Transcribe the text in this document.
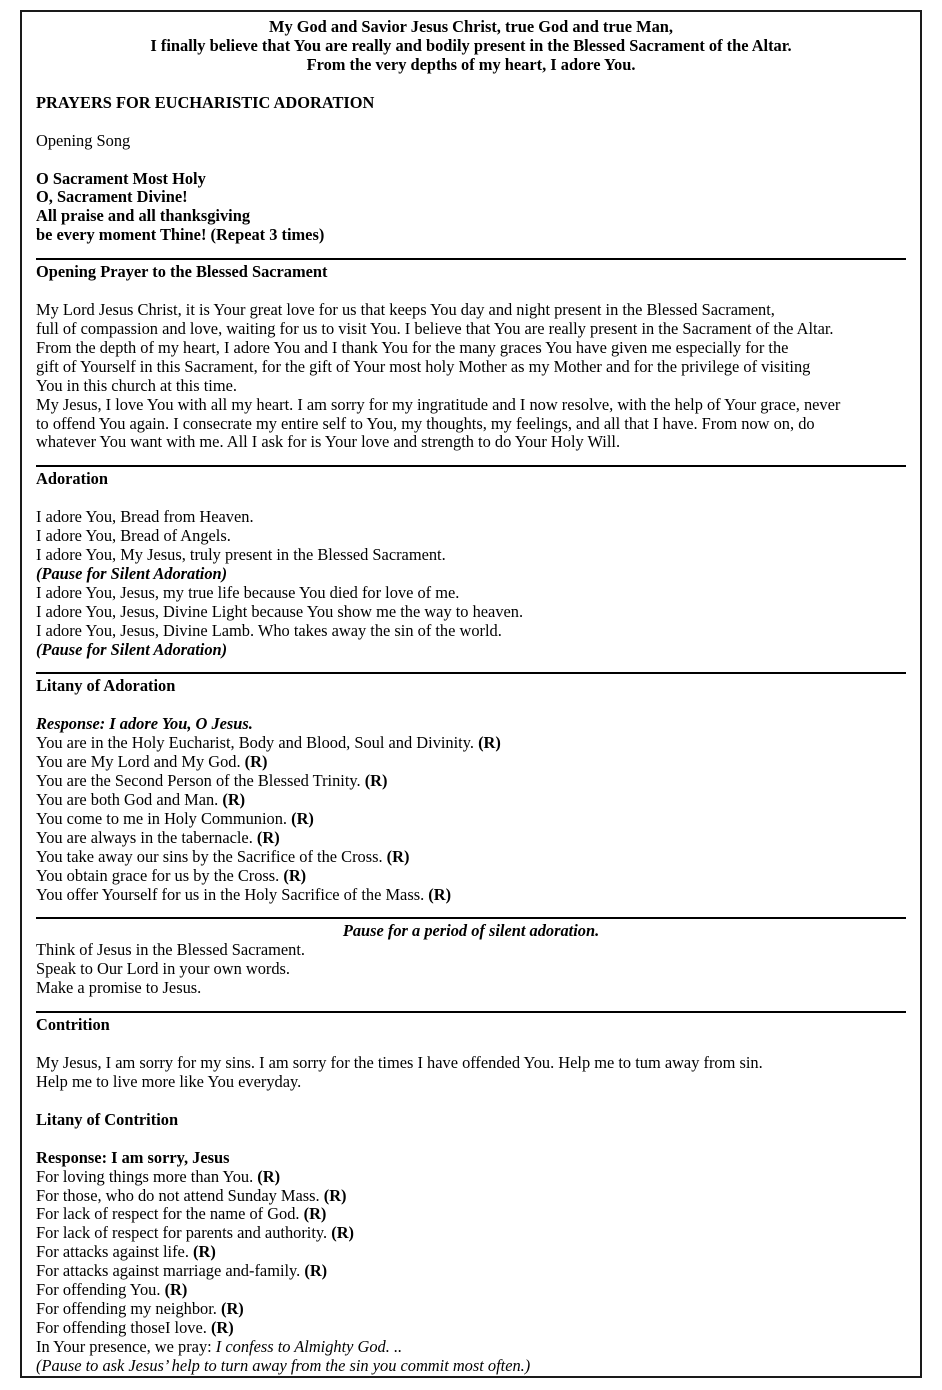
My God and Savior Jesus Christ, true God and true Man,
I finally believe that You are really and bodily present in the Blessed Sacrament of the Altar.
From the very depths of my heart, I adore You.
PRAYERS FOR EUCHARISTIC ADORATION
Opening Song
O Sacrament Most Holy
O, Sacrament Divine!
All praise and all thanksgiving
be every moment Thine! (Repeat 3 times)
Opening Prayer to the Blessed Sacrament
My Lord Jesus Christ, it is Your great love for us that keeps You day and night present in the Blessed Sacrament,
full of compassion and love, waiting for us to visit You. I believe that You are really present in the Sacrament of the Altar.
From the depth of my heart, I adore You and I thank You for the many graces You have given me especially for the
gift of Yourself in this Sacrament, for the gift of Your most holy Mother as my Mother and for the privilege of visiting
You in this church at this time.
My Jesus, I love You with all my heart. I am sorry for my ingratitude and I now resolve, with the help of Your grace, never
to offend You again. I consecrate my entire self to You, my thoughts, my feelings, and all that I have. From now on, do
whatever You want with me. All I ask for is Your love and strength to do Your Holy Will.
Adoration
I adore You, Bread from Heaven.
I adore You, Bread of Angels.
I adore You, My Jesus, truly present in the Blessed Sacrament.
(Pause for Silent Adoration)
I adore You, Jesus, my true life because You died for love of me.
I adore You, Jesus, Divine Light because You show me the way to heaven.
I adore You, Jesus, Divine Lamb. Who takes away the sin of the world.
(Pause for Silent Adoration)
Litany of Adoration
Response: I adore You, O Jesus.
You are in the Holy Eucharist, Body and Blood, Soul and Divinity. (R)
You are My Lord and My God. (R)
You are the Second Person of the Blessed Trinity. (R)
You are both God and Man. (R)
You come to me in Holy Communion. (R)
You are always in the tabernacle. (R)
You take away our sins by the Sacrifice of the Cross. (R)
You obtain grace for us by the Cross. (R)
You offer Yourself for us in the Holy Sacrifice of the Mass. (R)
Pause for a period of silent adoration.
Think of Jesus in the Blessed Sacrament.
Speak to Our Lord in your own words.
Make a promise to Jesus.
Contrition
My Jesus, I am sorry for my sins. I am sorry for the times I have offended You. Help me to tum away from sin.
Help me to live more like You everyday.
Litany of Contrition
Response: I am sorry, Jesus
For loving things more than You. (R)
For those, who do not attend Sunday Mass. (R)
For lack of respect for the name of God. (R)
For lack of respect for parents and authority. (R)
For attacks against life. (R)
For attacks against marriage and-family. (R)
For offending You. (R)
For offending my neighbor. (R)
For offending thoseI love. (R)
In Your presence, we pray: I confess to Almighty God. ..
(Pause to ask Jesus’ help to turn away from the sin you commit most often.)
